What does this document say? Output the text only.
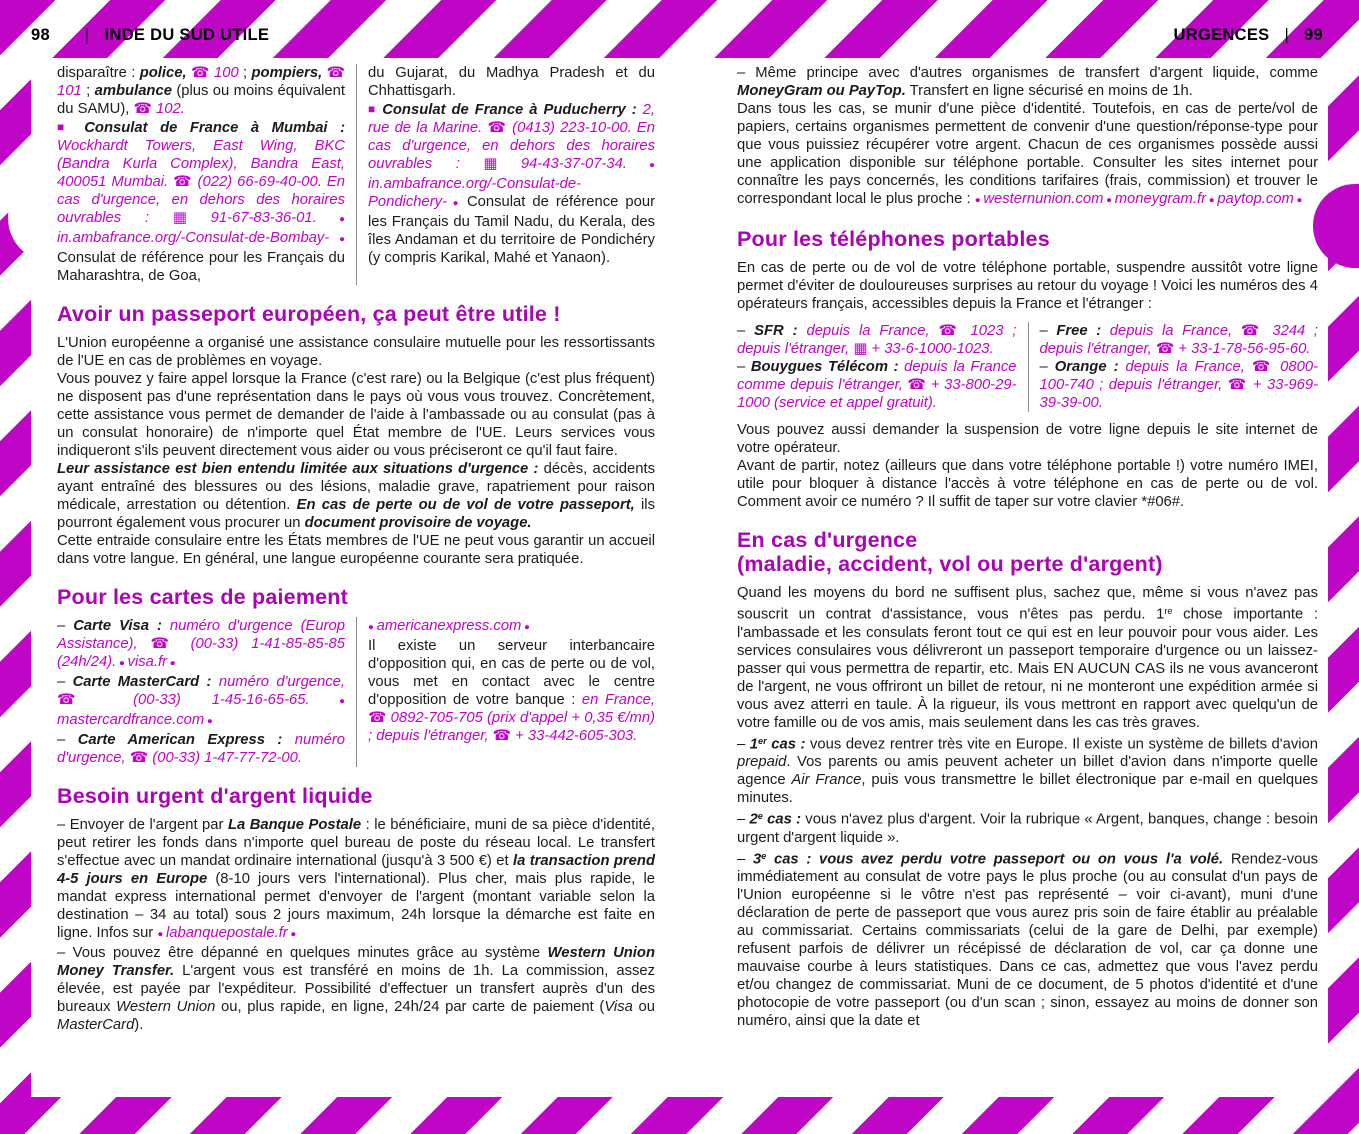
98	| INDE DU SUD UTILE	URGENCES | 99

disparaître : police, ☎ 100 ; pompiers, ☎ 101 ; ambulance (plus ou moins équivalent du SAMU), ☎ 102.

■ Consulat de France à Mumbai : Wockhardt Towers, East Wing, BKC (Bandra Kurla Complex), Bandra East, 400051 Mumbai. ☎ (022) 66-69-40-00. En cas d'urgence, en dehors des horaires ouvrables : ▦ 91-67-83-36-01. ● in.ambafrance.org/-Consulat-de-Bombay- ● Consulat de référence pour les Français du Maharashtra, de Goa,

du Gujarat, du Madhya Pradesh et du Chhattisgarh.

■ Consulat de France à Puducherry : 2, rue de la Marine. ☎ (0413) 223-10-00. En cas d'urgence, en dehors des horaires ouvrables : ▦ 94-43-37-07-34. ● in.ambafrance.org/-Consulat-de-Pondichery- ● Consulat de référence pour les Français du Tamil Nadu, du Kerala, des îles Andaman et du territoire de Pondichéry (y compris Karikal, Mahé et Yanaon).

Avoir un passeport européen, ça peut être utile !

L'Union européenne a organisé une assistance consulaire mutuelle pour les ressortissants de l'UE en cas de problèmes en voyage.

Vous pouvez y faire appel lorsque la France (c'est rare) ou la Belgique (c'est plus fréquent) ne disposent pas d'une représentation dans le pays où vous vous trouvez. Concrètement, cette assistance vous permet de demander de l'aide à l'ambassade ou au consulat (pas à un consulat honoraire) de n'importe quel État membre de l'UE. Leurs services vous indiqueront s'ils peuvent directement vous aider ou vous préciseront ce qu'il faut faire.

Leur assistance est bien entendu limitée aux situations d'urgence : décès, accidents ayant entraîné des blessures ou des lésions, maladie grave, rapatriement pour raison médicale, arrestation ou détention. En cas de perte ou de vol de votre passeport, ils pourront également vous procurer un document provisoire de voyage.

Cette entraide consulaire entre les États membres de l'UE ne peut vous garantir un accueil dans votre langue. En général, une langue européenne courante sera pratiquée.

Pour les cartes de paiement

– Carte Visa : numéro d'urgence (Europ Assistance), ☎ (00-33) 1-41-85-85-85 (24h/24). ● visa.fr ●

– Carte MasterCard : numéro d'urgence, ☎ (00-33) 1-45-16-65-65. ● mastercardfrance.com ●

– Carte American Express : numéro d'urgence, ☎ (00-33) 1-47-77-72-00.

● americanexpress.com ●

Il existe un serveur interbancaire d'opposition qui, en cas de perte ou de vol, vous met en contact avec le centre d'opposition de votre banque : en France, ☎ 0892-705-705 (prix d'appel + 0,35 €/mn) ; depuis l'étranger, ☎ + 33-442-605-303.

Besoin urgent d'argent liquide

– Envoyer de l'argent par La Banque Postale : le bénéficiaire, muni de sa pièce d'identité, peut retirer les fonds dans n'importe quel bureau de poste du réseau local. Le transfert s'effectue avec un mandat ordinaire international (jusqu'à 3 500 €) et la transaction prend 4-5 jours en Europe (8-10 jours vers l'international). Plus cher, mais plus rapide, le mandat express international permet d'envoyer de l'argent (montant variable selon la destination – 34 au total) sous 2 jours maximum, 24h lorsque la démarche est faite en ligne. Infos sur ● labanquepostale.fr ●

– Vous pouvez être dépanné en quelques minutes grâce au système Western Union Money Transfer. L'argent vous est transféré en moins de 1h. La commission, assez élevée, est payée par l'expéditeur. Possibilité d'effectuer un transfert auprès d'un des bureaux Western Union ou, plus rapide, en ligne, 24h/24 par carte de paiement (Visa ou MasterCard).

– Même principe avec d'autres organismes de transfert d'argent liquide, comme MoneyGram ou PayTop. Transfert en ligne sécurisé en moins de 1h.

Dans tous les cas, se munir d'une pièce d'identité. Toutefois, en cas de perte/vol de papiers, certains organismes permettent de convenir d'une question/réponse-type pour que vous puissiez récupérer votre argent. Chacun de ces organismes possède aussi une application disponible sur téléphone portable. Consulter les sites internet pour connaître les pays concernés, les conditions tarifaires (frais, commission) et trouver le correspondant local le plus proche : ● westernunion.com ● moneygram.fr ● paytop.com ●

Pour les téléphones portables

En cas de perte ou de vol de votre téléphone portable, suspendre aussitôt votre ligne permet d'éviter de douloureuses surprises au retour du voyage ! Voici les numéros des 4 opérateurs français, accessibles depuis la France et l'étranger :

– SFR : depuis la France, ☎ 1023 ; depuis l'étranger, ▦ + 33-6-1000-1023.

– Bouygues Télécom : depuis la France comme depuis l'étranger, ☎ + 33-800-29-1000 (service et appel gratuit).

– Free : depuis la France, ☎ 3244 ; depuis l'étranger, ☎ + 33-1-78-56-95-60.

– Orange : depuis la France, ☎ 0800-100-740 ; depuis l'étranger, ☎ + 33-969-39-39-00.

Vous pouvez aussi demander la suspension de votre ligne depuis le site internet de votre opérateur.

Avant de partir, notez (ailleurs que dans votre téléphone portable !) votre numéro IMEI, utile pour bloquer à distance l'accès à votre téléphone en cas de perte ou de vol. Comment avoir ce numéro ? Il suffit de taper sur votre clavier *#06#.

En cas d'urgence
(maladie, accident, vol ou perte d'argent)

Quand les moyens du bord ne suffisent plus, sachez que, même si vous n'avez pas souscrit un contrat d'assistance, vous n'êtes pas perdu. 1re chose importante : l'ambassade et les consulats feront tout ce qui est en leur pouvoir pour vous aider. Les services consulaires vous délivreront un passeport temporaire d'urgence ou un laissez-passer qui vous permettra de repartir, etc. Mais EN AUCUN CAS ils ne vous avanceront de l'argent, ne vous offriront un billet de retour, ni ne monteront une expédition armée si vous avez atterri en taule. À la rigueur, ils vous mettront en rapport avec quelqu'un de votre famille ou de vos amis, mais seulement dans les cas très graves.

– 1er cas : vous devez rentrer très vite en Europe. Il existe un système de billets d'avion prepaid. Vos parents ou amis peuvent acheter un billet d'avion dans n'importe quelle agence Air France, puis vous transmettre le billet électronique par e-mail en quelques minutes.

– 2e cas : vous n'avez plus d'argent. Voir la rubrique « Argent, banques, change : besoin urgent d'argent liquide ».

– 3e cas : vous avez perdu votre passeport ou on vous l'a volé. Rendez-vous immédiatement au consulat de votre pays le plus proche (ou au consulat d'un pays de l'Union européenne si le vôtre n'est pas représenté – voir ci-avant), muni d'une déclaration de perte de passeport que vous aurez pris soin de faire établir au préalable au commissariat. Certains commissariats (celui de la gare de Delhi, par exemple) refusent parfois de délivrer un récépissé de déclaration de vol, car ça donne une mauvaise courbe à leurs statistiques. Dans ce cas, admettez que vous l'avez perdu et/ou changez de commissariat. Muni de ce document, de 5 photos d'identité et d'une photocopie de votre passeport (ou d'un scan ; sinon, essayez au moins de donner son numéro, ainsi que la date et
